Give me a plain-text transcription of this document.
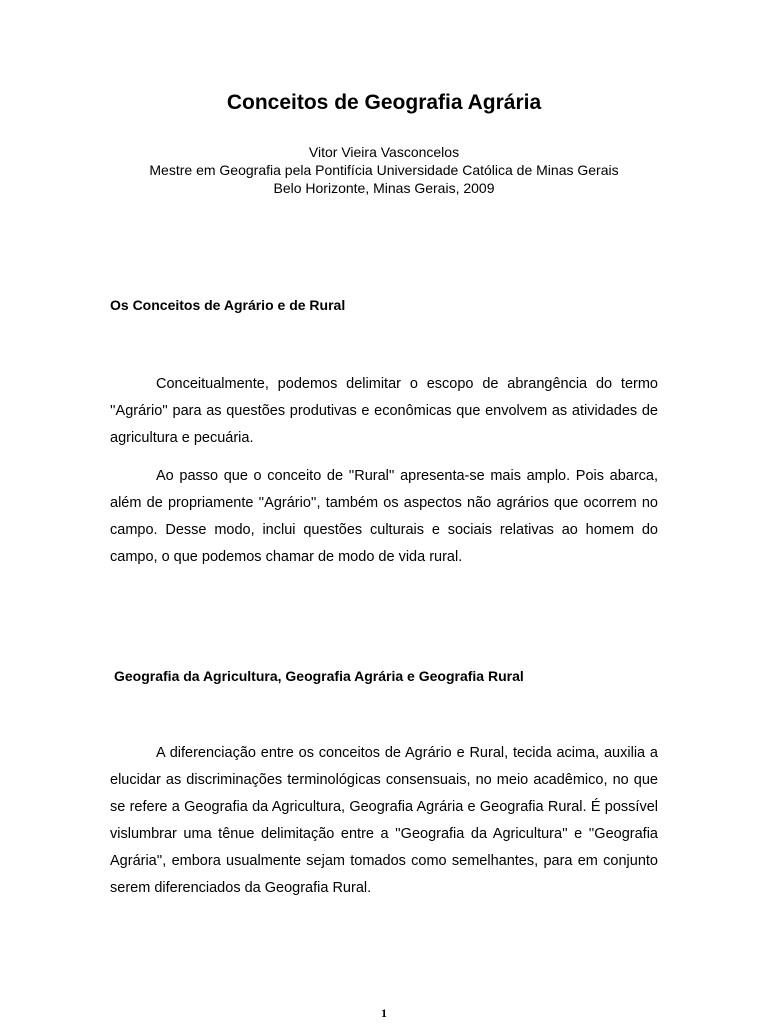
Conceitos de Geografia Agrária
Vitor Vieira Vasconcelos
Mestre em Geografia pela Pontifícia Universidade Católica de Minas Gerais
Belo Horizonte, Minas Gerais, 2009
Os Conceitos de Agrário e de Rural

Conceitualmente, podemos delimitar o escopo de abrangência do termo ''Agrário'' para as questões produtivas e econômicas que envolvem as atividades de agricultura e pecuária.

Ao passo que o conceito de ''Rural'' apresenta-se mais amplo. Pois abarca, além de propriamente ''Agrário'', também os aspectos não agrários que ocorrem no campo. Desse modo, inclui questões culturais e sociais relativas ao homem do campo, o que podemos chamar de modo de vida rural.

Geografia da Agricultura, Geografia Agrária e Geografia Rural

A diferenciação entre os conceitos de Agrário e Rural, tecida acima, auxilia a elucidar as discriminações terminológicas consensuais, no meio acadêmico, no que se refere a Geografia da Agricultura, Geografia Agrária e Geografia Rural. É possível vislumbrar uma tênue delimitação entre a ''Geografia da Agricultura'' e ''Geografia Agrária'', embora usualmente sejam tomados como semelhantes, para em conjunto serem diferenciados da Geografia Rural.

1
